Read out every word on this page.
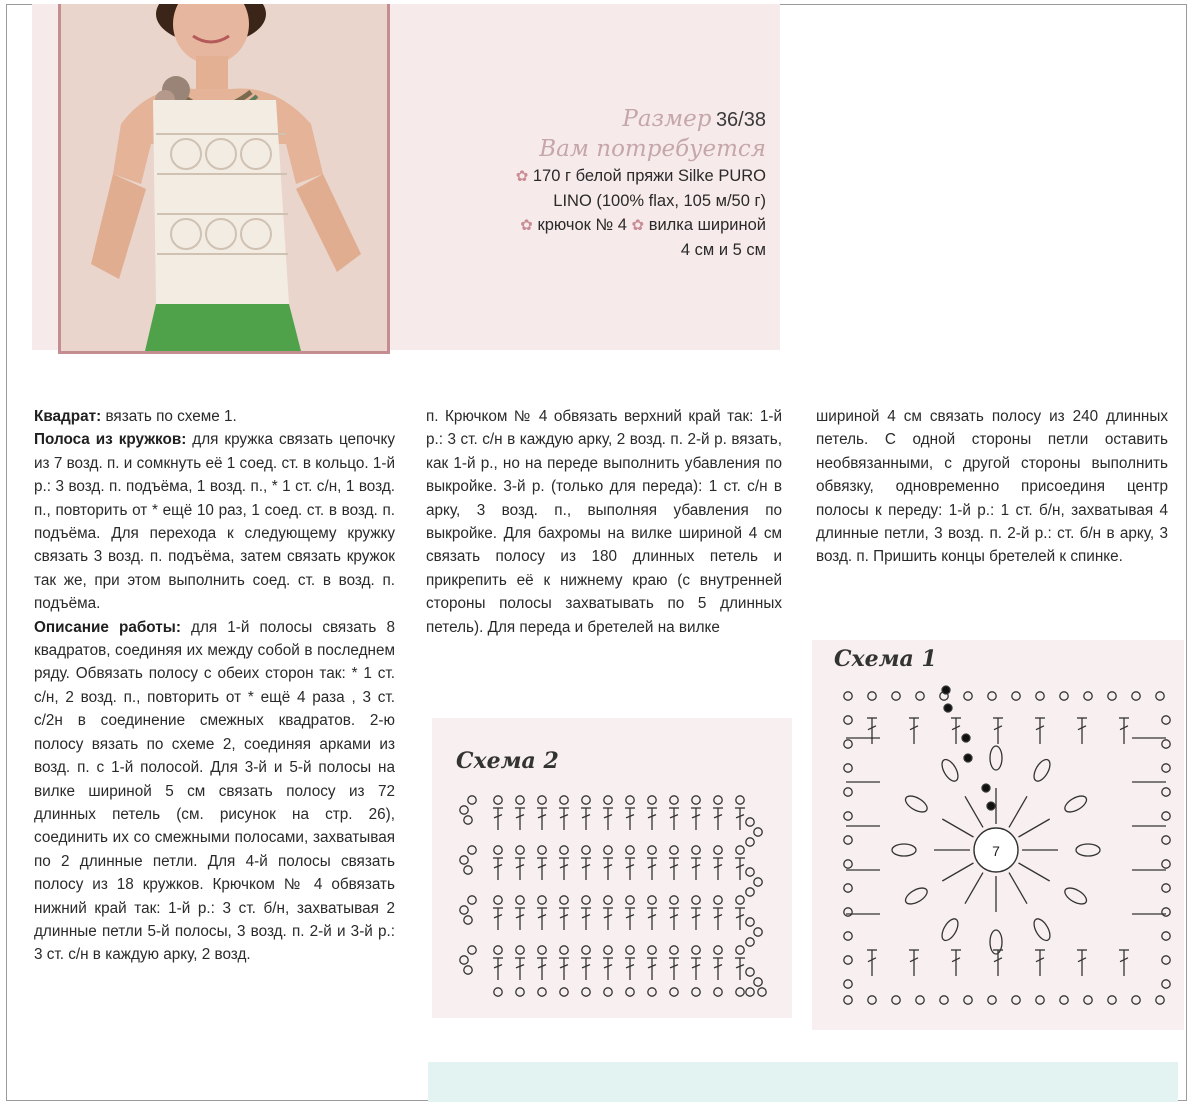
Размер 36/38
Вам потребуется
✿ 170 г белой пряжи Silke PURO
LINO (100% flax, 105 м/50 г)
✿ крючок № 4 ✿ вилка шириной
4 см и 5 см

Квадрат: вязать по схеме 1.

Полоса из кружков: для кружка связать цепочку из 7 возд. п. и сомкнуть её 1 соед. ст. в кольцо. 1-й р.: 3 возд. п. подъёма, 1 возд. п., * 1 ст. с/н, 1 возд. п., повторить от * ещё 10 раз, 1 соед. ст. в возд. п. подъёма. Для перехода к следующему кружку связать 3 возд. п. подъёма, затем связать кружок так же, при этом выполнить соед. ст. в возд. п. подъёма.

Описание работы: для 1-й полосы связать 8 квадратов, соединяя их между собой в последнем ряду. Обвязать полосу с обеих сторон так: * 1 ст. с/н, 2 возд. п., повторить от * ещё 4 раза , 3 ст. с/2н в соединение смежных квадратов. 2-ю полосу вязать по схеме 2, соединяя арками из возд. п. с 1-й полосой. Для 3-й и 5-й полосы на вилке шириной 5 см связать полосу из 72 длинных петель (см. рисунок на стр. 26), соединить их со смежными полосами, захватывая по 2 длинные петли. Для 4-й полосы связать полосу из 18 кружков. Крючком № 4 обвязать нижний край так: 1-й р.: 3 ст. б/н, захватывая 2 длинные петли 5-й полосы, 3 возд. п. 2-й и 3-й р.: 3 ст. с/н в каждую арку, 2 возд.

п. Крючком № 4 обвязать верхний край так: 1-й р.: 3 ст. с/н в каждую арку, 2 возд. п. 2-й р. вязать, как 1-й р., но на переде выполнить убавления по выкройке. 3-й р. (только для переда): 1 ст. с/н в арку, 3 возд. п., выполняя убавления по выкройке. Для бахромы на вилке шириной 4 см связать полосу из 180 длинных петель и прикрепить её к нижнему краю (с внутренней стороны полосы захватывать по 5 длинных петель). Для переда и бретелей на вилке

шириной 4 см связать полосу из 240 длинных петель. С одной стороны петли оставить необвязанными, с другой стороны выполнить обвязку, одновременно присоединя центр полосы к переду: 1-й р.: 1 ст. б/н, захватывая 4 длинные петли, 3 возд. п. 2-й р.: ст. б/н в арку, 3 возд. п. Пришить концы бретелей к спинке.

Схема 2
Схема 1
7
